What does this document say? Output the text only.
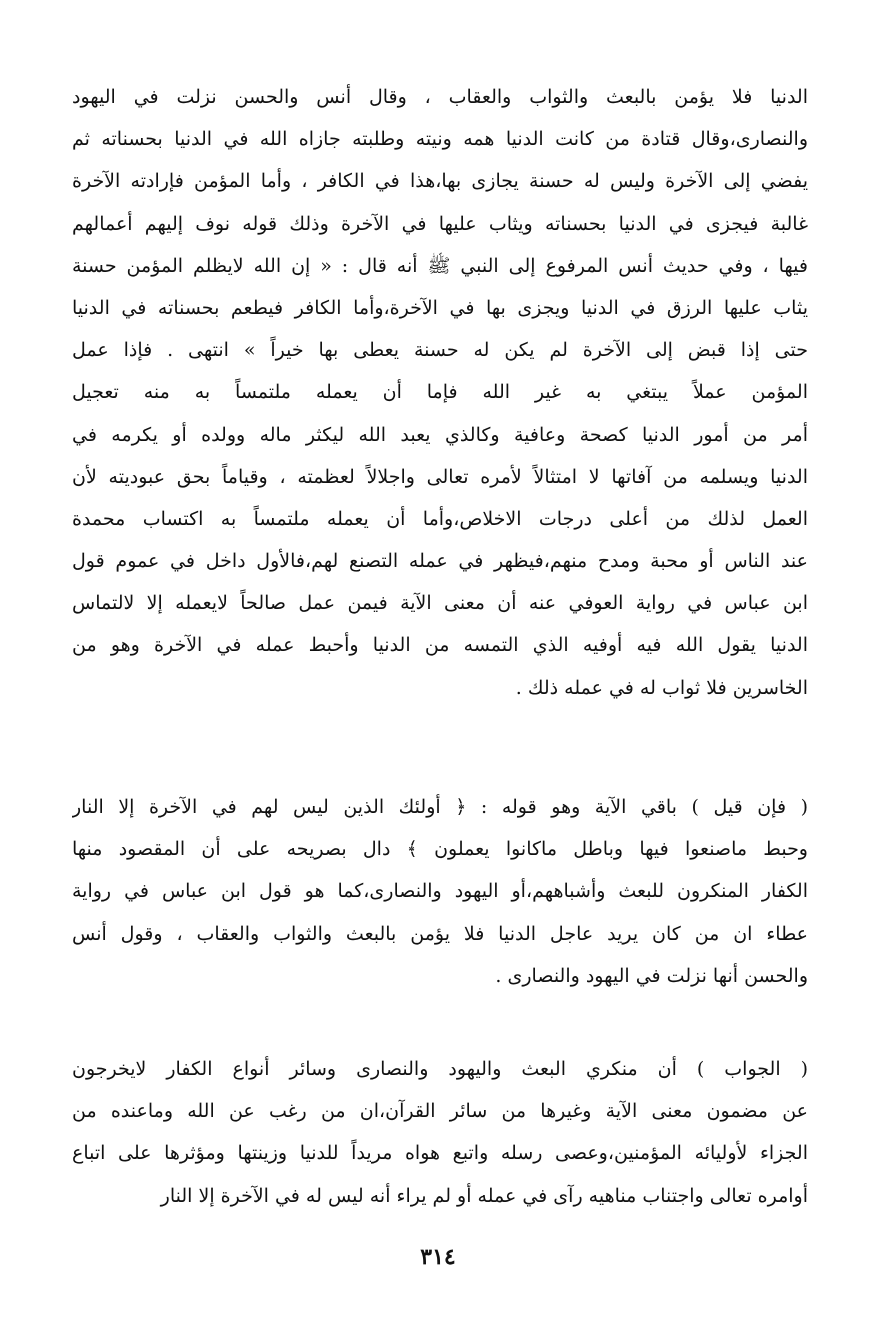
الدنيا فلا يؤمن بالبعث والثواب والعقاب ، وقال أنس والحسن نزلت في اليهود
والنصارى،وقال قتادة من كانت الدنيا همه ونيته وطلبته جازاه الله في الدنيا بحسناته ثم
يفضي إلى الآخرة وليس له حسنة يجازى بها،هذا في الكافر ، وأما المؤمن فإرادته الآخرة
غالبة فيجزى في الدنيا بحسناته ويثاب عليها في الآخرة وذلك قوله نوف إليهم أعمالهم
فيها ، وفي حديث أنس المرفوع إلى النبي ﷺ أنه قال : « إن الله لايظلم المؤمن حسنة
يثاب عليها الرزق في الدنيا ويجزى بها في الآخرة،وأما الكافر فيطعم بحسناته في الدنيا
حتى إذا قبض إلى الآخرة لم يكن له حسنة يعطى بها خيراً » انتهى . فإذا عمل
المؤمن عملاً يبتغي به غير الله فإما أن يعمله ملتمساً به منه تعجيل
أمر من أمور الدنيا كصحة وعافية وكالذي يعبد الله ليكثر ماله وولده أو يكرمه في
الدنيا ويسلمه من آفاتها لا امتثالاً لأمره تعالى واجلالاً لعظمته ، وقياماً بحق عبوديته لأن
العمل لذلك من أعلى درجات الاخلاص،وأما أن يعمله ملتمساً به اكتساب محمدة
عند الناس أو محبة ومدح منهم،فيظهر في عمله التصنع لهم،فالأول داخل في عموم قول
ابن عباس في رواية العوفي عنه أن معنى الآية فيمن عمل صالحاً لايعمله إلا لالتماس
الدنيا يقول الله فيه أوفيه الذي التمسه من الدنيا وأحبط عمله في الآخرة وهو من
الخاسرين فلا ثواب له في عمله ذلك .
( فإن قيل ) باقي الآية وهو قوله : ﴿ أولئك الذين ليس لهم في الآخرة إلا النار
وحبط ماصنعوا فيها وباطل ماكانوا يعملون ﴾ دال بصريحه على أن المقصود منها
الكفار المنكرون للبعث وأشباههم،أو اليهود والنصارى،كما هو قول ابن عباس في رواية
عطاء ان من كان يريد عاجل الدنيا فلا يؤمن بالبعث والثواب والعقاب ، وقول أنس
والحسن أنها نزلت في اليهود والنصارى .
( الجواب ) أن منكري البعث واليهود والنصارى وسائر أنواع الكفار لايخرجون
عن مضمون معنى الآية وغيرها من سائر القرآن،ان من رغب عن الله وماعنده من
الجزاء لأوليائه المؤمنين،وعصى رسله واتبع هواه مريداً للدنيا وزينتها ومؤثرها على اتباع
أوامره تعالى واجتناب مناهيه رآى في عمله أو لم يراء أنه ليس له في الآخرة إلا النار
٣١٤
